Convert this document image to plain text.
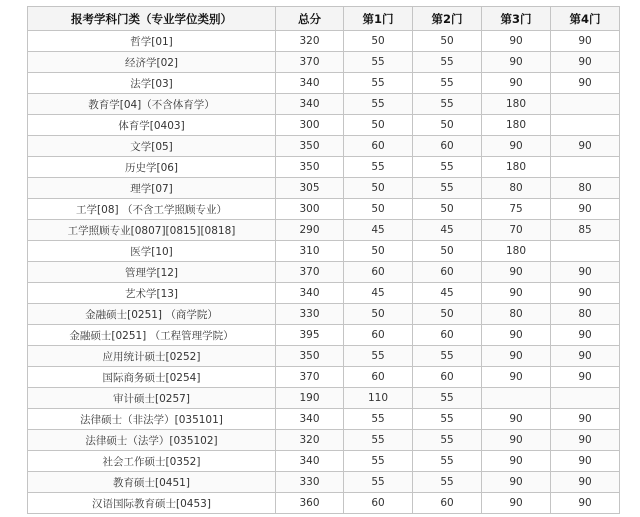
报考学科门类（专业学位类别）	总分	第1门	第2门	第3门	第4门
哲学[01]	320	50	50	90	90
经济学[02]	370	55	55	90	90
法学[03]	340	55	55	90	90
教育学[04]（不含体育学）	340	55	55	180	
体育学[0403]	300	50	50	180	
文学[05]	350	60	60	90	90
历史学[06]	350	55	55	180	
理学[07]	305	50	55	80	80
工学[08] （不含工学照顾专业）	300	50	50	75	90
工学照顾专业[0807][0815][0818]	290	45	45	70	85
医学[10]	310	50	50	180	
管理学[12]	370	60	60	90	90
艺术学[13]	340	45	45	90	90
金融硕士[0251] （商学院）	330	50	50	80	80
金融硕士[0251] （工程管理学院）	395	60	60	90	90
应用统计硕士[0252]	350	55	55	90	90
国际商务硕士[0254]	370	60	60	90	90
审计硕士[0257]	190	110	55		
法律硕士（非法学）[035101]	340	55	55	90	90
法律硕士（法学）[035102]	320	55	55	90	90
社会工作硕士[0352]	340	55	55	90	90
教育硕士[0451]	330	55	55	90	90
汉语国际教育硕士[0453]	360	60	60	90	90
